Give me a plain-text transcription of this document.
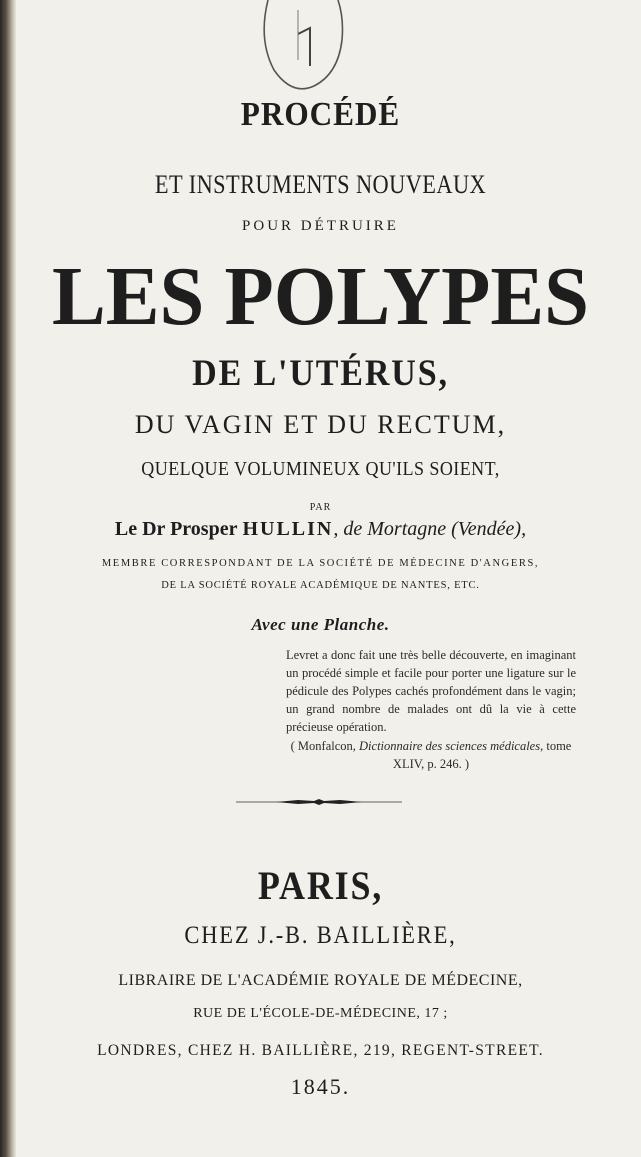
PROCÉDÉ
ET INSTRUMENTS NOUVEAUX
POUR DÉTRUIRE
LES POLYPES
DE L'UTÉRUS,
DU VAGIN ET DU RECTUM,
QUELQUE VOLUMINEUX QU'ILS SOIENT,
PAR
Le Dr Prosper HULLIN, de Mortagne (Vendée),
MEMBRE CORRESPONDANT DE LA SOCIÉTÉ DE MÉDECINE D'ANGERS,
DE LA SOCIÉTÉ ROYALE ACADÉMIQUE DE NANTES, ETC.
Avec une Planche.
Levret a donc fait une très belle découverte, en imaginant un procédé simple et facile pour porter une ligature sur le pédicule des Polypes cachés profondément dans le vagin; un grand nombre de malades ont dû la vie à cette précieuse opération.
( Monfalcon, Dictionnaire des sciences médicales, tome XLIV, p. 246. )
PARIS,
CHEZ J.-B. BAILLIÈRE,
LIBRAIRE DE L'ACADÉMIE ROYALE DE MÉDECINE,
RUE DE L'ÉCOLE-DE-MÉDECINE, 17 ;
LONDRES, CHEZ H. BAILLIÈRE, 219, REGENT-STREET.
1845.
